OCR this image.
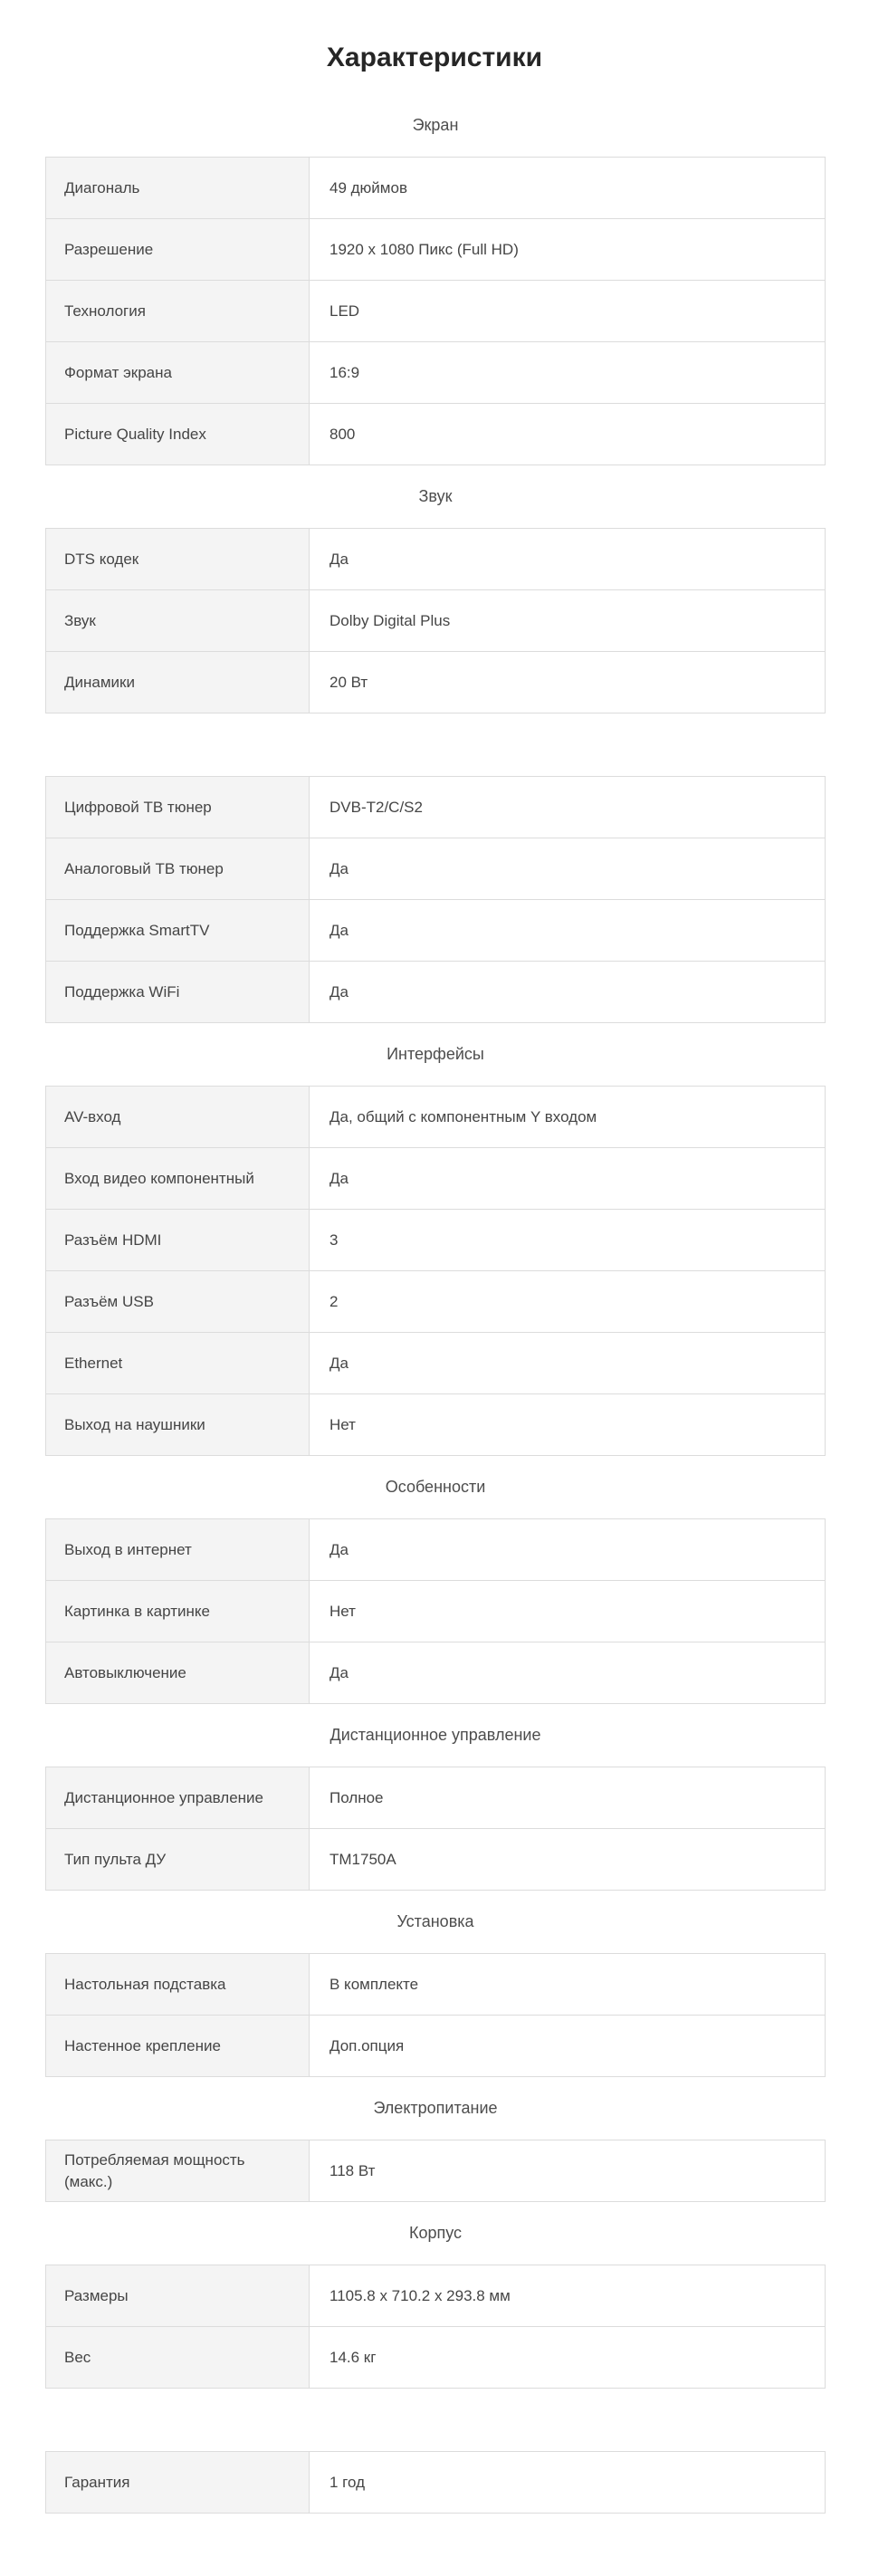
Характеристики
Экран
Диагональ	49 дюймов
Разрешение	1920 x 1080 Пикс (Full HD)
Технология	LED
Формат экрана	16:9
Picture Quality Index	800
Звук
DTS кодек	Да
Звук	Dolby Digital Plus
Динамики	20 Вт
Цифровой ТВ тюнер	DVB-T2/C/S2
Аналоговый ТВ тюнер	Да
Поддержка SmartTV	Да
Поддержка WiFi	Да
Интерфейсы
AV-вход	Да, общий с компонентным Y входом
Вход видео компонентный	Да
Разъём HDMI	3
Разъём USB	2
Ethernet	Да
Выход на наушники	Нет
Особенности
Выход в интернет	Да
Картинка в картинке	Нет
Автовыключение	Да
Дистанционное управление
Дистанционное управление	Полное
Тип пульта ДУ	TM1750A
Установка
Настольная подставка	В комплекте
Настенное крепление	Доп.опция
Электропитание
Потребляемая мощность (макс.)	118 Вт
Корпус
Размеры	1105.8 x 710.2 x 293.8 мм
Вес	14.6 кг
Гарантия	1 год
